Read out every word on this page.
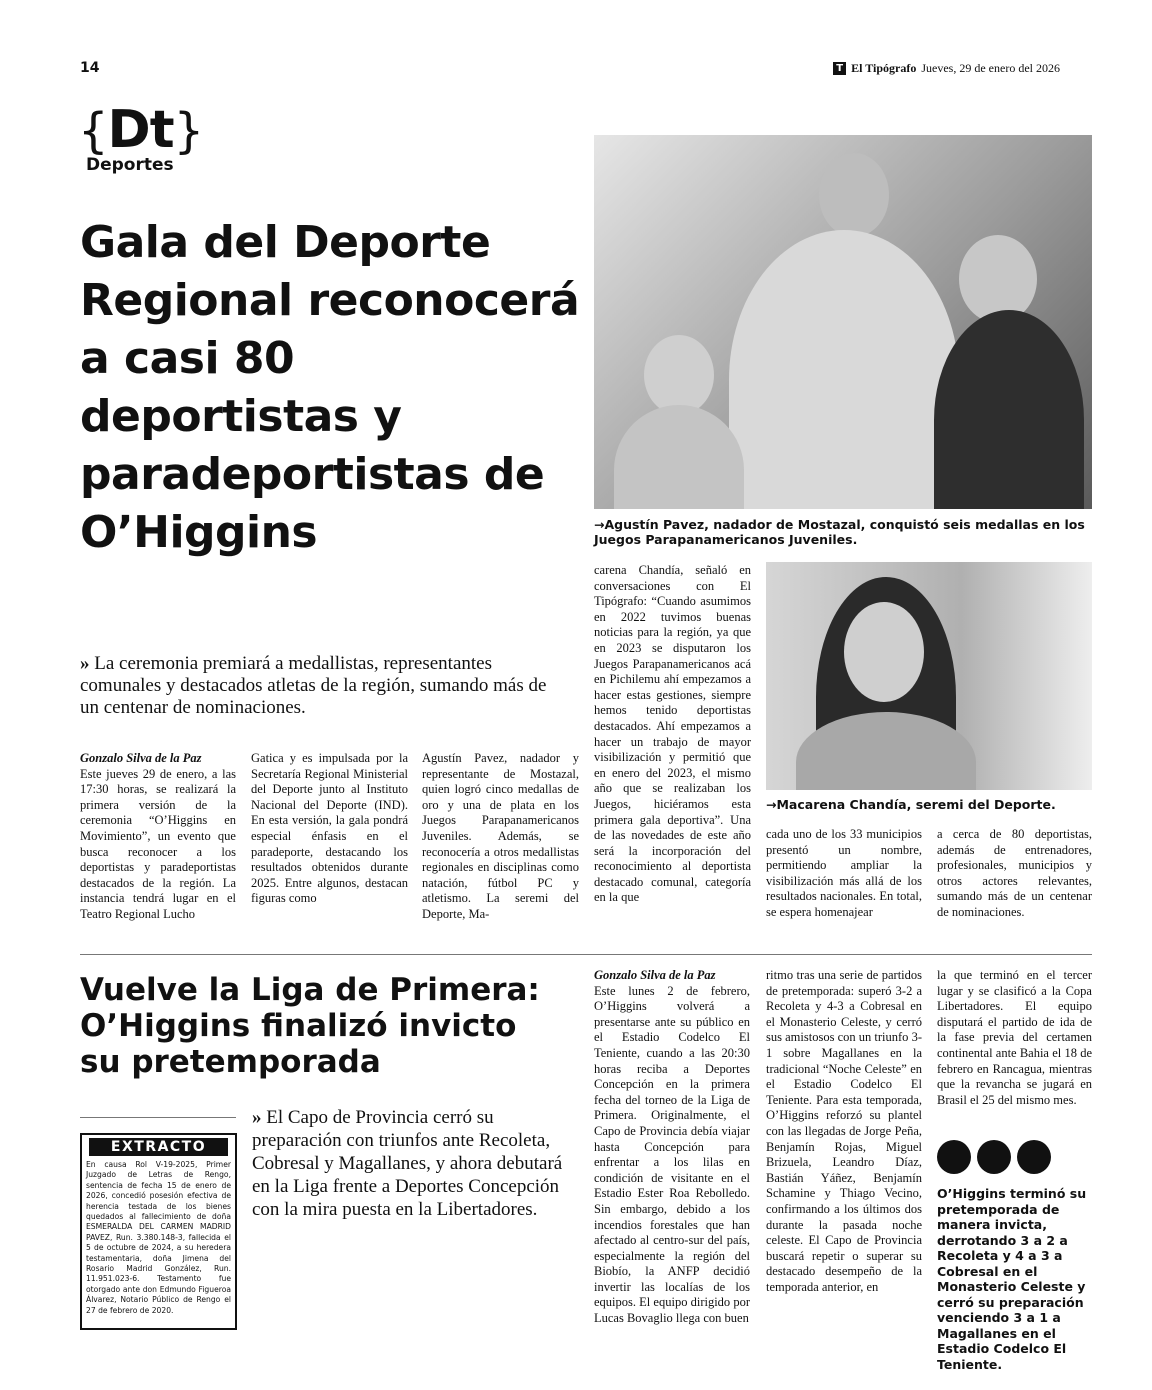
14	T El Tipógrafo Jueves, 29 de enero del 2026
{Dt}
Deportes
Gala del Deporte Regional reconocerá a casi 80 deportistas y paradeportistas de O’Higgins	→Agustín Pavez, nadador de Mostazal, conquistó seis medallas en los Juegos Parapanamericanos Juveniles.
→Macarena Chandía, seremi del Deporte.
» La ceremonia premiará a medallistas, representantes comunales y destacados atletas de la región, sumando más de un centenar de nominaciones.
Gonzalo Silva de la Paz
Este jueves 29 de enero, a las 17:30 horas, se realizará la primera versión de la ceremonia “O’Higgins en Movimiento”, un evento que busca reconocer a los deportistas y paradeportistas destacados de la región. La instancia tendrá lugar en el Teatro Regional Lucho
Gatica y es impulsada por la Secretaría Regional Ministerial del Deporte junto al Instituto Nacional del Deporte (IND). En esta versión, la gala pondrá especial énfasis en el paradeporte, destacando los resultados obtenidos durante 2025. Entre algunos, destacan figuras como
Agustín Pavez, nadador y representante de Mostazal, quien logró cinco medallas de oro y una de plata en los Juegos Parapanamericanos Juveniles. Además, se reconocería a otros medallistas regionales en disciplinas como natación, fútbol PC y atletismo. La seremi del Deporte, Ma-
carena Chandía, señaló en conversaciones con El Tipógrafo: “Cuando asumimos en 2022 tuvimos buenas noticias para la región, ya que en 2023 se disputaron los Juegos Parapanamericanos acá en Pichilemu ahí empezamos a hacer estas gestiones, siempre hemos tenido deportistas destacados. Ahí empezamos a hacer un trabajo de mayor visibilización y permitió que en enero del 2023, el mismo año que se realizaban los Juegos, hiciéramos esta primera gala deportiva”. Una de las novedades de este año será la incorporación del reconocimiento al deportista destacado comunal, categoría en la que
cada uno de los 33 municipios presentó un nombre, permitiendo ampliar la visibilización más allá de los resultados nacionales. En total, se espera homenajear
a cerca de 80 deportistas, además de entrenadores, profesionales, municipios y otros actores relevantes, sumando más de un centenar de nominaciones.
Vuelve la Liga de Primera: O’Higgins finalizó invicto su pretemporada
EXTRACTO
En causa Rol V-19-2025, Primer Juzgado de Letras de Rengo, sentencia de fecha 15 de enero de 2026, concedió posesión efectiva de herencia testada de los bienes quedados al fallecimiento de doña ESMERALDA DEL CARMEN MADRID PAVEZ, Run. 3.380.148-3, fallecida el 5 de octubre de 2024, a su heredera testamentaria, doña Jimena del Rosario Madrid González, Run. 11.951.023-6. Testamento fue otorgado ante don Edmundo Figueroa Álvarez, Notario Público de Rengo el 27 de febrero de 2020.
» El Capo de Provincia cerró su preparación con triunfos ante Recoleta, Cobresal y Magallanes, y ahora debutará en la Liga frente a Deportes Concepción con la mira puesta en la Libertadores.
Gonzalo Silva de la Paz
Este lunes 2 de febrero, O’Higgins volverá a presentarse ante su público en el Estadio Codelco El Teniente, cuando a las 20:30 horas reciba a Deportes Concepción en la primera fecha del torneo de la Liga de Primera. Originalmente, el Capo de Provincia debía viajar hasta Concepción para enfrentar a los lilas en condición de visitante en el Estadio Ester Roa Rebolledo. Sin embargo, debido a los incendios forestales que han afectado al centro-sur del país, especialmente la región del Biobío, la ANFP decidió invertir las localías de los equipos. El equipo dirigido por Lucas Bovaglio llega con buen
ritmo tras una serie de partidos de pretemporada: superó 3-2 a Recoleta y 4-3 a Cobresal en el Monasterio Celeste, y cerró sus amistosos con un triunfo 3-1 sobre Magallanes en la tradicional “Noche Celeste” en el Estadio Codelco El Teniente. Para esta temporada, O’Higgins reforzó su plantel con las llegadas de Jorge Peña, Benjamín Rojas, Miguel Brizuela, Leandro Díaz, Bastián Yáñez, Benjamín Schamine y Thiago Vecino, confirmando a los últimos dos durante la pasada noche celeste. El Capo de Provincia buscará repetir o superar su destacado desempeño de la temporada anterior, en
la que terminó en el tercer lugar y se clasificó a la Copa Libertadores. El equipo disputará el partido de ida de la fase previa del certamen continental ante Bahia el 18 de febrero en Rancagua, mientras que la revancha se jugará en Brasil el 25 del mismo mes.
O’Higgins terminó su pretemporada de manera invicta, derrotando 3 a 2 a Recoleta y 4 a 3 a Cobresal en el Monasterio Celeste y cerró su preparación venciendo 3 a 1 a Magallanes en el Estadio Codelco El Teniente.
